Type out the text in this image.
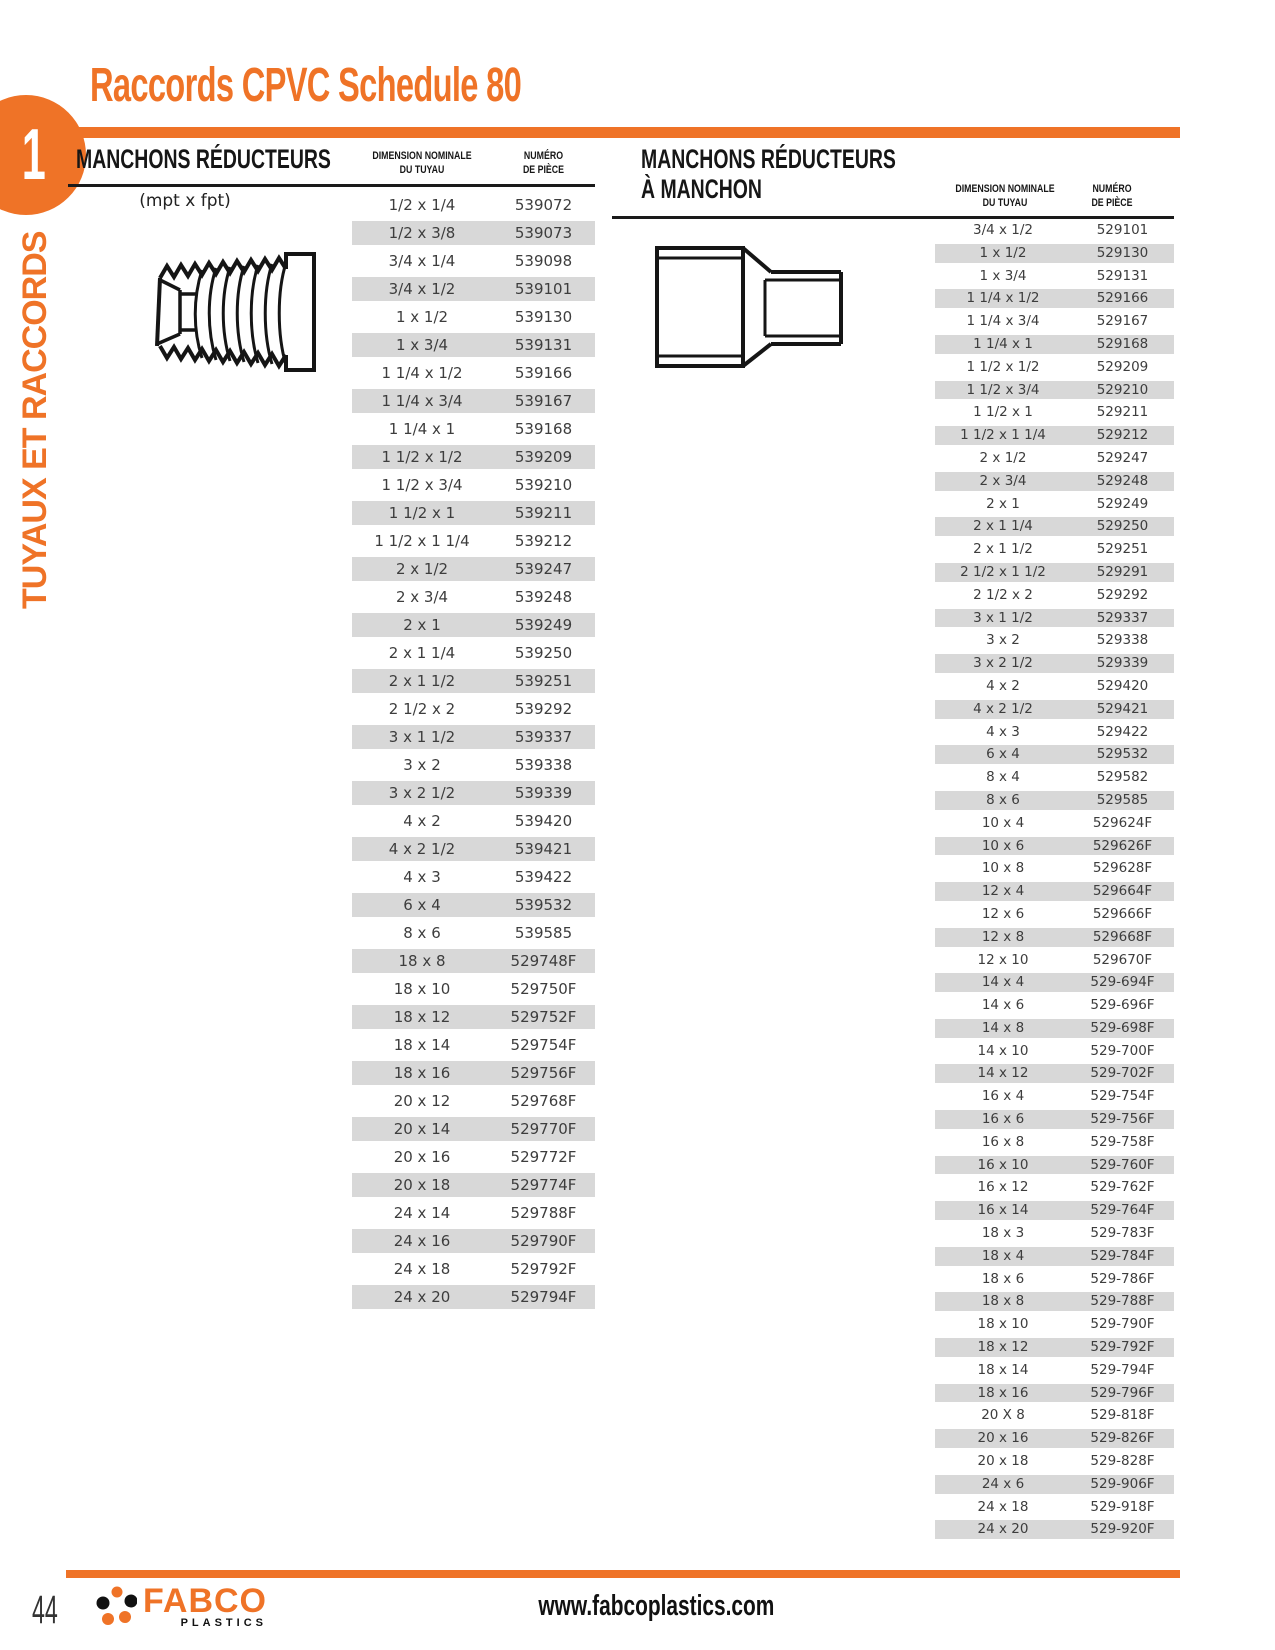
1
TUYAUX ET RACCORDS
Raccords CPVC Schedule 80
MANCHONS RÉDUCTEURS	DIMENSION NOMINALE
DU TUYAU
NUMÉRO
DE PIÈCE
(mpt x fpt)	1/2 x 1/4	539072
1/2 x 3/8	539073
3/4 x 1/4	539098
3/4 x 1/2	539101
1 x 1/2	539130
1 x 3/4	539131
1 1/4 x 1/2	539166
1 1/4 x 3/4	539167
1 1/4 x 1	539168
1 1/2 x 1/2	539209
1 1/2 x 3/4	539210
1 1/2 x 1	539211
1 1/2 x 1 1/4	539212
2 x 1/2	539247
2 x 3/4	539248
2 x 1	539249
2 x 1 1/4	539250
2 x 1 1/2	539251
2 1/2 x 2	539292
3 x 1 1/2	539337
3 x 2	539338
3 x 2 1/2	539339
4 x 2	539420
4 x 2 1/2	539421
4 x 3	539422
6 x 4	539532
8 x 6	539585
18 x 8	529748F
18 x 10	529750F
18 x 12	529752F
18 x 14	529754F
18 x 16	529756F
20 x 12	529768F
20 x 14	529770F
20 x 16	529772F
20 x 18	529774F
24 x 14	529788F
24 x 16	529790F
24 x 18	529792F
24 x 20	529794F
MANCHONS RÉDUCTEURS
À MANCHON	DIMENSION NOMINALE
DU TUYAU
NUMÉRO
DE PIÈCE
3/4 x 1/2	529101
1 x 1/2	529130
1 x 3/4	529131
1 1/4 x 1/2	529166
1 1/4 x 3/4	529167
1 1/4 x 1	529168
1 1/2 x 1/2	529209
1 1/2 x 3/4	529210
1 1/2 x 1	529211
1 1/2 x 1 1/4	529212
2 x 1/2	529247
2 x 3/4	529248
2 x 1	529249
2 x 1 1/4	529250
2 x 1 1/2	529251
2 1/2 x 1 1/2	529291
2 1/2 x 2	529292
3 x 1 1/2	529337
3 x 2	529338
3 x 2 1/2	529339
4 x 2	529420
4 x 2 1/2	529421
4 x 3	529422
6 x 4	529532
8 x 4	529582
8 x 6	529585
10 x 4	529624F
10 x 6	529626F
10 x 8	529628F
12 x 4	529664F
12 x 6	529666F
12 x 8	529668F
12 x 10	529670F
14 x 4	529-694F
14 x 6	529-696F
14 x 8	529-698F
14 x 10	529-700F
14 x 12	529-702F
16 x 4	529-754F
16 x 6	529-756F
16 x 8	529-758F
16 x 10	529-760F
16 x 12	529-762F
16 x 14	529-764F
18 x 3	529-783F
18 x 4	529-784F
18 x 6	529-786F
18 x 8	529-788F
18 x 10	529-790F
18 x 12	529-792F
18 x 14	529-794F
18 x 16	529-796F
20 X 8	529-818F
20 x 16	529-826F
20 x 18	529-828F
24 x 6	529-906F
24 x 18	529-918F
24 x 20	529-920F
44	FABCO
PLASTICS
www.fabcoplastics.com
